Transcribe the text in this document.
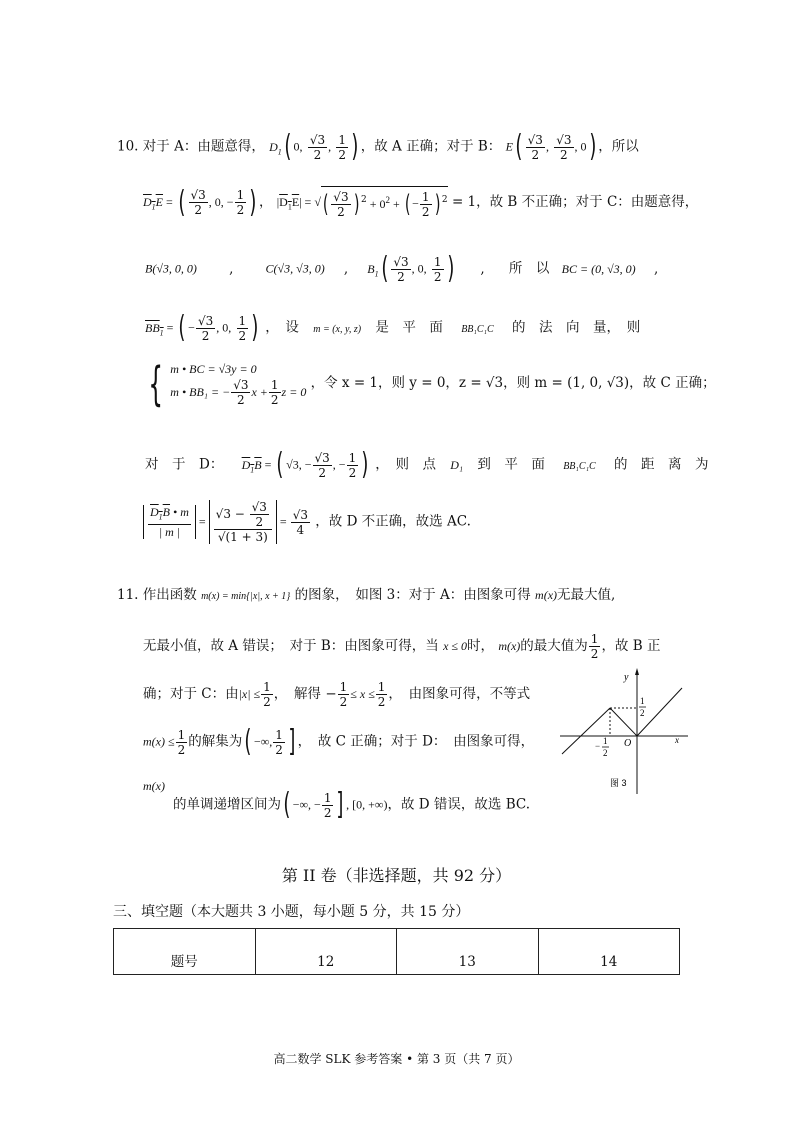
10. 对于 A：由题意得， $D_1$( 0, $\frac{√3}{2}$ , $\frac{1}{2}$ ) ，故 A 正确；对于 B： $E( \frac{√3}{2}$ , $\frac{√3}{2}$ , 0) ，所以
$D_1E$ = ( $\frac{√3}{2}$ , 0, − $\frac{1}{2}$ ) ， $|D_1E|$ = √( $\frac{√3}{2}$ ) $^2 + 0^2$ + ( − $\frac{1}{2}$ ) $^2$ = 1，故 B 不正确；对于 C：由题意得，
B(√3, 0, 0) ,	C(√3, √3, 0) , $B_1( \frac{√3}{2}$ , 0, $\frac{1}{2}$ ) , 所　以 BC = (0, √3, 0) ,
$BB_1$ = ( − $\frac{√3}{2}$ , 0, $\frac{1}{2}$ ) ，　设 m = (x, y, z) 是　平　面 BB₁C₁C 的　法　向　量，　则
{ m • BC = √3y = 0
m • BB₁ = − $\frac{√3}{2}$ $x + \frac{1}{2}$ z = 0
，令 x = 1，则 y = 0，z = √3，则 m = (1, 0, √3)，故 C 正确；
对　于　D： $D_1B$ = ( √3, − $\frac{√3}{2}$ , − $\frac{1}{2}$ ) ，　则　点 D₁ 到　平　面 BB₁C₁C 的　距　离　为
$\frac{D_1B • m}{| m |} = \frac{√3 - \frac{√3}{2}}{√(1 + 3)} = \frac{√3}{4}$ ，故 D 不正确，故选 AC.
11. 作出函数 m(x) = min{|x|, x + 1} 的图象，　如图 3：对于 A：由图象可得 m(x)无最大值,
无最小值，故 A 错误；　对于 B：由图象可得，当 x ≤ 0时， m(x)的最大值为 $\frac{1}{2}$ ，故 B 正
确；对于 C：由$|x| \le \frac{1}{2}$ ，　解得 − $\frac{1}{2} \le x \le \frac{1}{2}$ ，　由图象可得，不等式
$m(x) \le \frac{1}{2}$ 的解集为( −∞, $\frac{1}{2}$ ] ，　故 C 正确；对于 D：　由图象可得，
m(x)
的单调递增区间为( −∞, − $\frac{1}{2}$ ] , [0, +∞)，故 D 错误，故选 BC.
y
x
O
1
2
− 1
2
图 3
第 II 卷（非选择题，共 92 分）
三、填空题（本大题共 3 小题，每小题 5 分，共 15 分）
题号	12	13	14
高二数学 SLK 参考答案 • 第 3 页（共 7 页）
